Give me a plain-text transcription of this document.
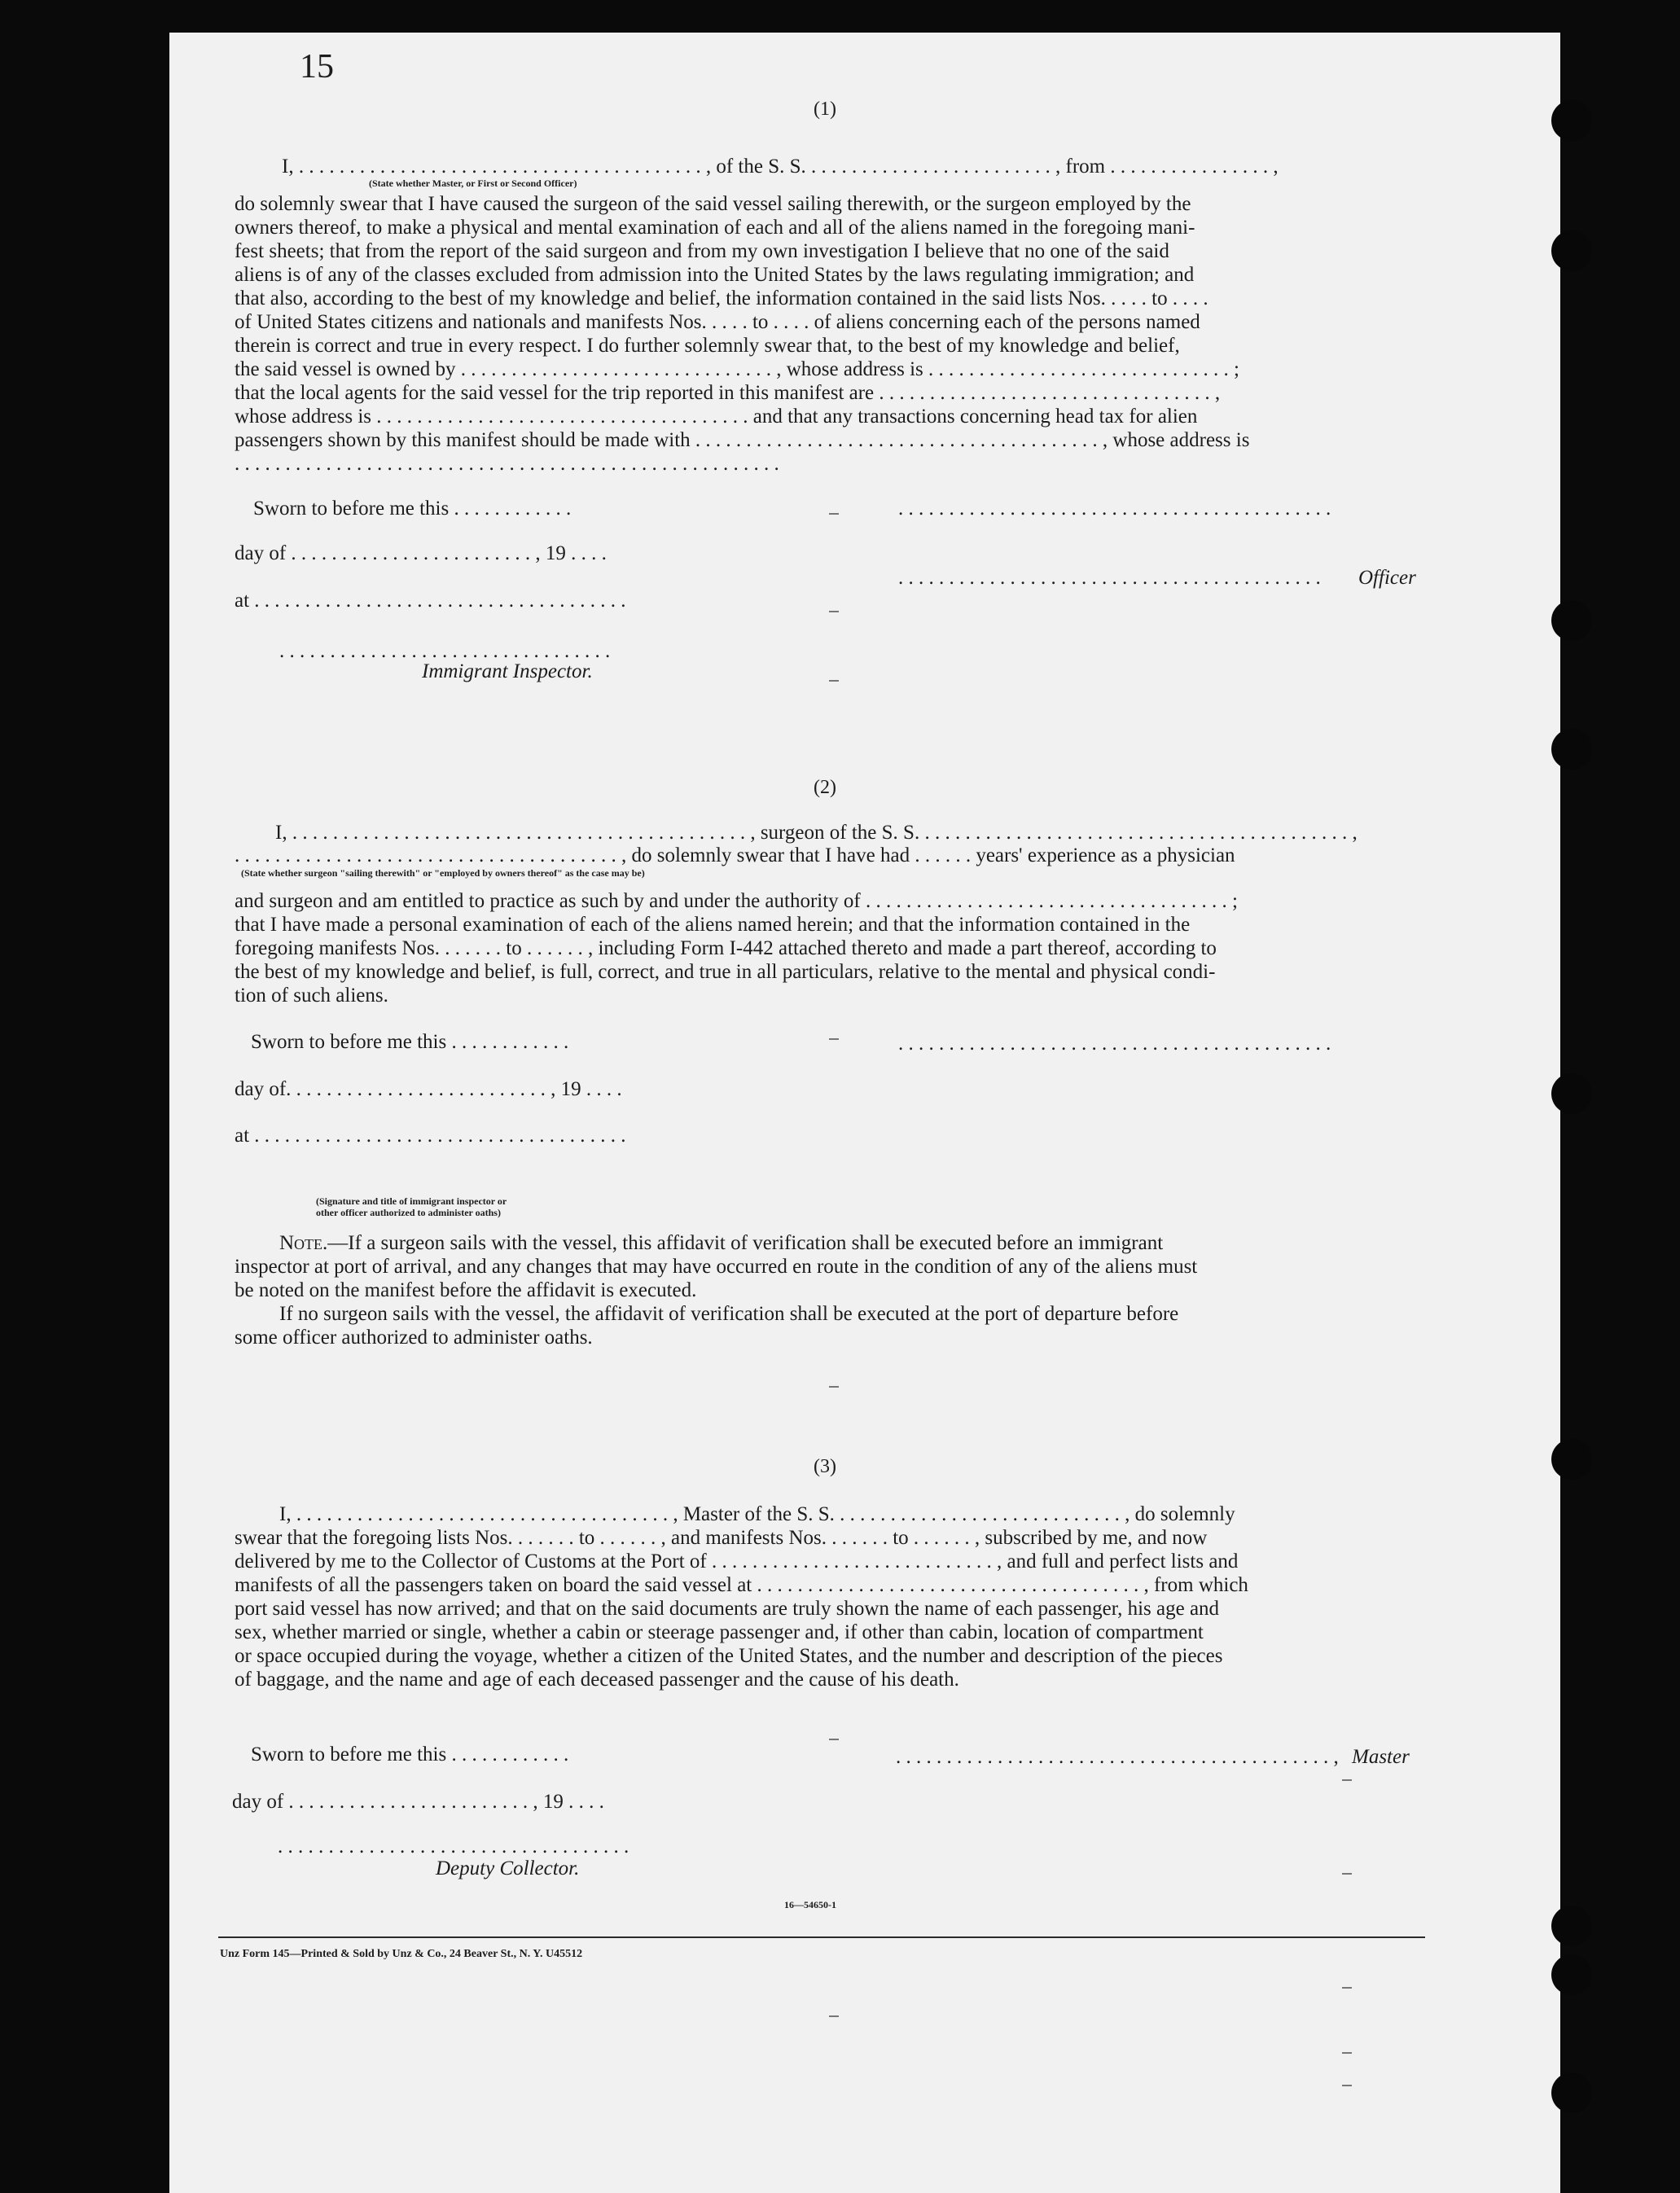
15
(1)
I, . . . . . . . . . . . . . . . . . . . . . . . . . . . . . . . . . . . . . . . . , of the S. S. . . . . . . . . . . . . . . . . . . . . . . . . , from . . . . . . . . . . . . . . . . ,
(State whether Master, or First or Second Officer)
do solemnly swear that I have caused the surgeon of the said vessel sailing therewith, or the surgeon employed by the
owners thereof, to make a physical and mental examination of each and all of the aliens named in the foregoing mani-
fest sheets; that from the report of the said surgeon and from my own investigation I believe that no one of the said
aliens is of any of the classes excluded from admission into the United States by the laws regulating immigration; and
that also, according to the best of my knowledge and belief, the information contained in the said lists Nos. . . . . to . . . .
of United States citizens and nationals and manifests Nos. . . . . to . . . . of aliens concerning each of the persons named
therein is correct and true in every respect. I do further solemnly swear that, to the best of my knowledge and belief,
the said vessel is owned by . . . . . . . . . . . . . . . . . . . . . . . . . . . . . . . , whose address is . . . . . . . . . . . . . . . . . . . . . . . . . . . . . . ;
that the local agents for the said vessel for the trip reported in this manifest are . . . . . . . . . . . . . . . . . . . . . . . . . . . . . . . . . ,
whose address is . . . . . . . . . . . . . . . . . . . . . . . . . . . . . . . . . . . . . and that any transactions concerning head tax for alien
passengers shown by this manifest should be made with . . . . . . . . . . . . . . . . . . . . . . . . . . . . . . . . . . . . . . . . , whose address is
. . . . . . . . . . . . . . . . . . . . . . . . . . . . . . . . . . . . . . . . . . . . . . . . . . . . . .
Sworn to before me this . . . . . . . . . . . .
day of . . . . . . . . . . . . . . . . . . . . . . . . , 19 . . . .
at . . . . . . . . . . . . . . . . . . . . . . . . . . . . . . . . . . . . .
. . . . . . . . . . . . . . . . . . . . . . . . . . . . . . . . .
Immigrant Inspector.
. . . . . . . . . . . . . . . . . . . . . . . . . . . . . . . . . . . . . . . . . . .
. . . . . . . . . . . . . . . . . . . . . . . . . . . . . . . . . . . . . . . . . . Officer
(2)
I, . . . . . . . . . . . . . . . . . . . . . . . . . . . . . . . . . . . . . . . . . . . . . , surgeon of the S. S. . . . . . . . . . . . . . . . . . . . . . . . . . . . . . . . . . . . . . . . . . . ,
. . . . . . . . . . . . . . . . . . . . . . . . . . . . . . . . . . . . . . , do solemnly swear that I have had . . . . . . years' experience as a physician
(State whether surgeon "sailing therewith" or "employed by owners thereof" as the case may be)
and surgeon and am entitled to practice as such by and under the authority of . . . . . . . . . . . . . . . . . . . . . . . . . . . . . . . . . . . . ;
that I have made a personal examination of each of the aliens named herein; and that the information contained in the
foregoing manifests Nos. . . . . . . to . . . . . . , including Form I-442 attached thereto and made a part thereof, according to
the best of my knowledge and belief, is full, correct, and true in all particulars, relative to the mental and physical condi-
tion of such aliens.
Sworn to before me this . . . . . . . . . . . .
day of. . . . . . . . . . . . . . . . . . . . . . . . . . , 19 . . . .
at . . . . . . . . . . . . . . . . . . . . . . . . . . . . . . . . . . . . .
. . . . . . . . . . . . . . . . . . . . . . . . . . . . . . . . . . . . . . . . . . .
(Signature and title of immigrant inspector or
other officer authorized to administer oaths)
Note.—If a surgeon sails with the vessel, this affidavit of verification shall be executed before an immigrant
inspector at port of arrival, and any changes that may have occurred en route in the condition of any of the aliens must
be noted on the manifest before the affidavit is executed.
If no surgeon sails with the vessel, the affidavit of verification shall be executed at the port of departure before
some officer authorized to administer oaths.
(3)
I, . . . . . . . . . . . . . . . . . . . . . . . . . . . . . . . . . . . . . , Master of the S. S. . . . . . . . . . . . . . . . . . . . . . . . . . . . . , do solemnly
swear that the foregoing lists Nos. . . . . . . to . . . . . . , and manifests Nos. . . . . . . to . . . . . . , subscribed by me, and now
delivered by me to the Collector of Customs at the Port of . . . . . . . . . . . . . . . . . . . . . . . . . . . . , and full and perfect lists and
manifests of all the passengers taken on board the said vessel at . . . . . . . . . . . . . . . . . . . . . . . . . . . . . . . . . . . . . . , from which
port said vessel has now arrived; and that on the said documents are truly shown the name of each passenger, his age and
sex, whether married or single, whether a cabin or steerage passenger and, if other than cabin, location of compartment
or space occupied during the voyage, whether a citizen of the United States, and the number and description of the pieces
of baggage, and the name and age of each deceased passenger and the cause of his death.
Sworn to before me this . . . . . . . . . . . .
day of . . . . . . . . . . . . . . . . . . . . . . . . , 19 . . . .
. . . . . . . . . . . . . . . . . . . . . . . . . . . . . . . . . . .
Deputy Collector.
. . . . . . . . . . . . . . . . . . . . . . . . . . . . . . . . . . . . . . . . . . . , Master
16—54650-1
Unz Form 145—Printed & Sold by Unz & Co., 24 Beaver St., N. Y. U45512
